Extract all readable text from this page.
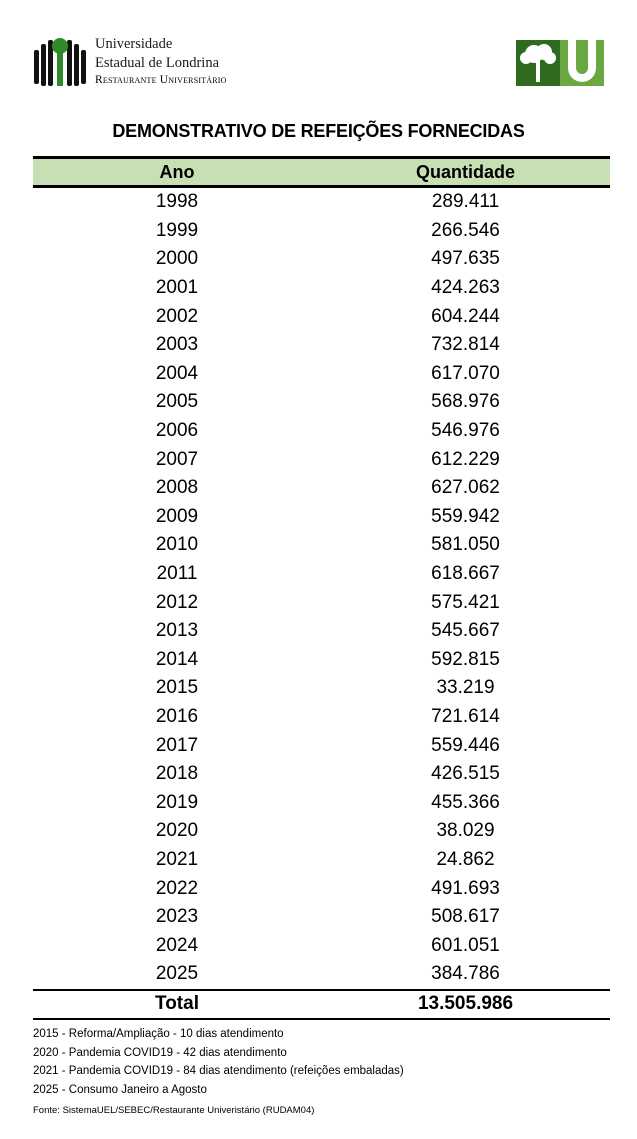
Universidade
Estadual de Londrina
Restaurante Universitário
DEMONSTRATIVO DE REFEIÇÕES FORNECIDAS
Ano	Quantidade
1998	289.411
1999	266.546
2000	497.635
2001	424.263
2002	604.244
2003	732.814
2004	617.070
2005	568.976
2006	546.976
2007	612.229
2008	627.062
2009	559.942
2010	581.050
2011	618.667
2012	575.421
2013	545.667
2014	592.815
2015	33.219
2016	721.614
2017	559.446
2018	426.515
2019	455.366
2020	38.029
2021	24.862
2022	491.693
2023	508.617
2024	601.051
2025	384.786
Total	13.505.986
2015 - Reforma/Ampliação - 10 dias atendimento
2020 - Pandemia COVID19 - 42 dias atendimento
2021 - Pandemia COVID19 - 84 dias atendimento (refeições embaladas)
2025 - Consumo Janeiro a Agosto
Fonte: SistemaUEL/SEBEC/Restaurante Univeristário (RUDAM04)
